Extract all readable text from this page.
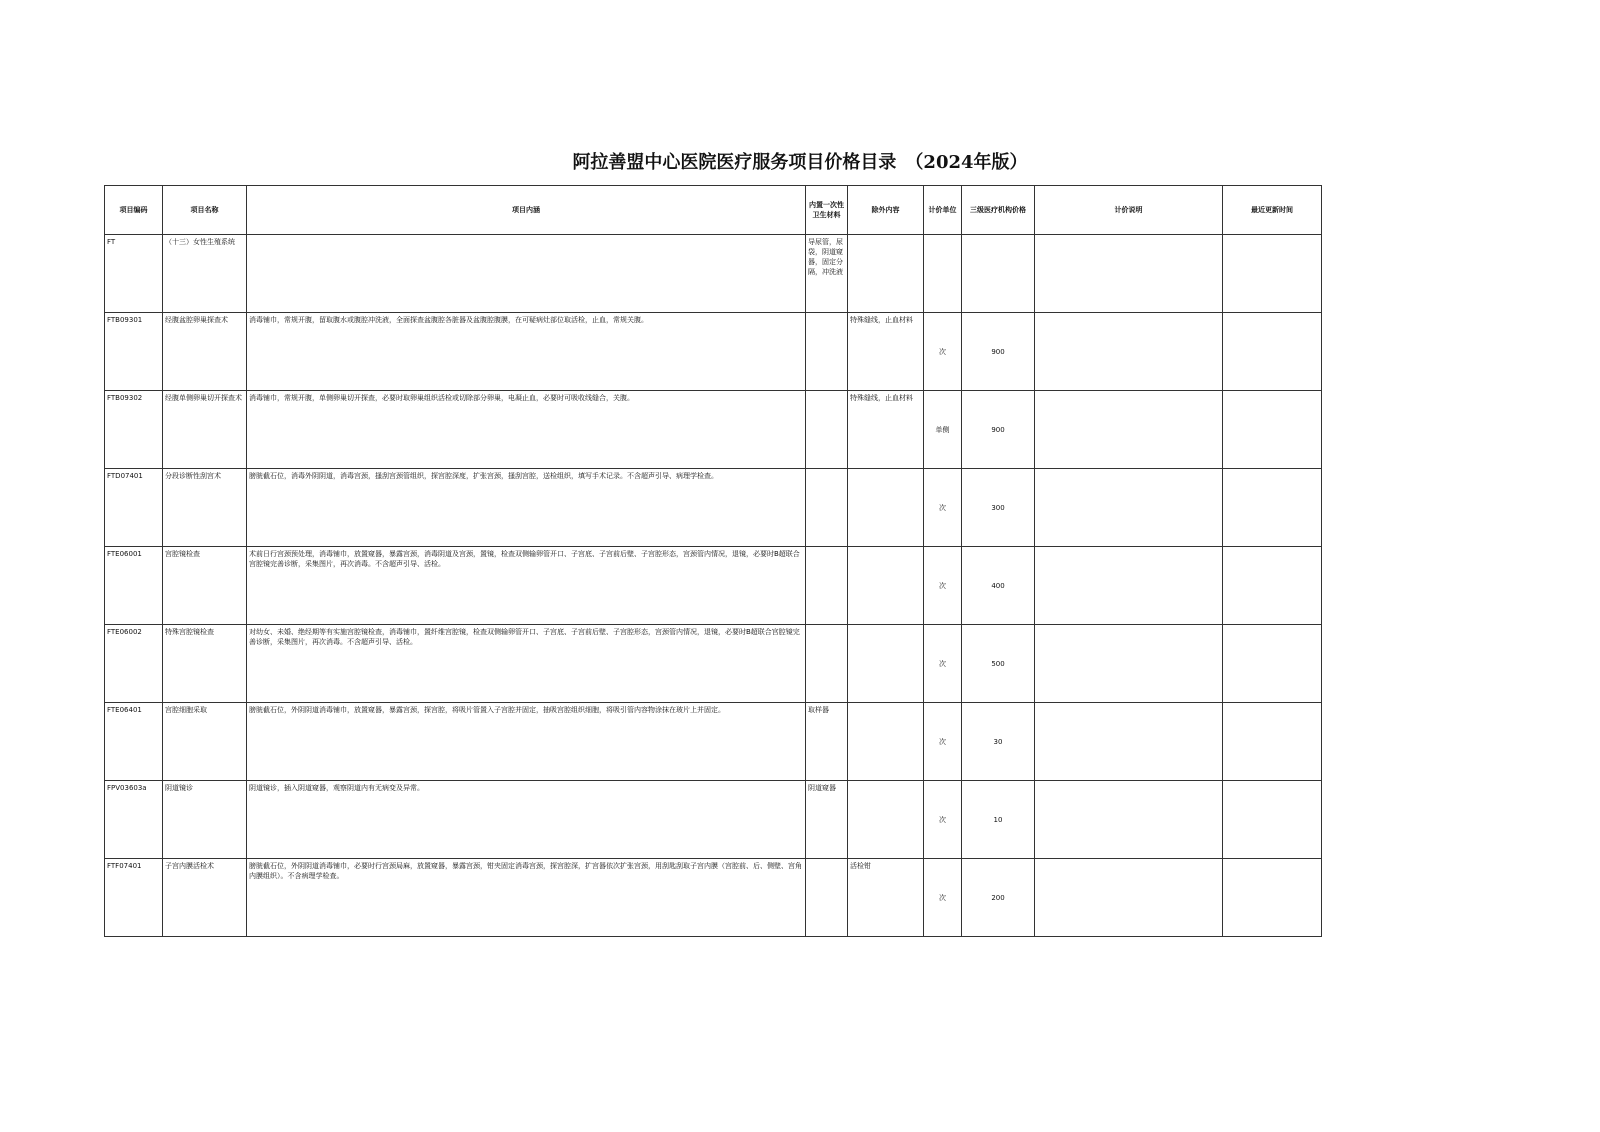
阿拉善盟中心医院医疗服务项目价格目录　（2024年版）
项目编码	项目名称	项目内涵	内置一次性卫生材料	除外内容	计价单位	三级医疗机构价格	计价说明	最近更新时间
FT	（十三）女性生殖系统		导尿管，尿袋，阴道窥器，固定分隔，冲洗液					
FTB09301	经腹盆腔卵巢探查术	消毒铺巾，常规开腹，留取腹水或腹腔冲洗液，全面探查盆腹腔各脏器及盆腹腔腹膜，在可疑病灶部位取活检，止血，常规关腹。		特殊缝线，止血材料	次	900		
FTB09302	经腹单侧卵巢切开探查术	消毒铺巾，常规开腹，单侧卵巢切开探查，必要时取卵巢组织活检或切除部分卵巢，电凝止血，必要时可吸收线缝合，关腹。		特殊缝线，止血材料	单侧	900		
FTD07401	分段诊断性刮宫术	膀胱截石位，消毒外阴阴道，消毒宫颈，搔刮宫颈管组织，探宫腔深度，扩张宫颈，搔刮宫腔，送检组织，填写手术记录。不含超声引导、病理学检查。			次	300		
FTE06001	宫腔镜检查	术前日行宫颈预处理，消毒铺巾，放置窥器，暴露宫颈，消毒阴道及宫颈，置镜，检查双侧输卵管开口、子宫底、子宫前后壁、子宫腔形态，宫颈管内情况，退镜，必要时B超联合宫腔镜完善诊断，采集图片，再次消毒。不含超声引导、活检。			次	400		
FTE06002	特殊宫腔镜检查	对幼女、未婚、绝经期等有实施宫腔镜检查，消毒铺巾，置纤维宫腔镜，检查双侧输卵管开口、子宫底、子宫前后壁、子宫腔形态，宫颈管内情况，退镜，必要时B超联合宫腔镜完善诊断，采集图片，再次消毒。不含超声引导、活检。			次	500		
FTE06401	宫腔细胞采取	膀胱截石位，外阴阴道消毒铺巾，放置窥器，暴露宫颈，探宫腔，将吸片管置入子宫腔并固定，抽吸宫腔组织细胞，将吸引管内容物涂抹在玻片上并固定。	取样器		次	30		
FPV03603a	阴道镜诊	阴道镜诊，插入阴道窥器，观察阴道内有无病变及异常。	阴道窥器		次	10		
FTF07401	子宫内膜活检术	膀胱截石位，外阴阴道消毒铺巾，必要时行宫颈局麻，放置窥器，暴露宫颈，钳夹固定消毒宫颈，探宫腔深，扩宫器依次扩张宫颈，用刮匙刮取子宫内膜（宫腔前、后、侧壁、宫角内膜组织）。不含病理学检查。		活检钳	次	200		
